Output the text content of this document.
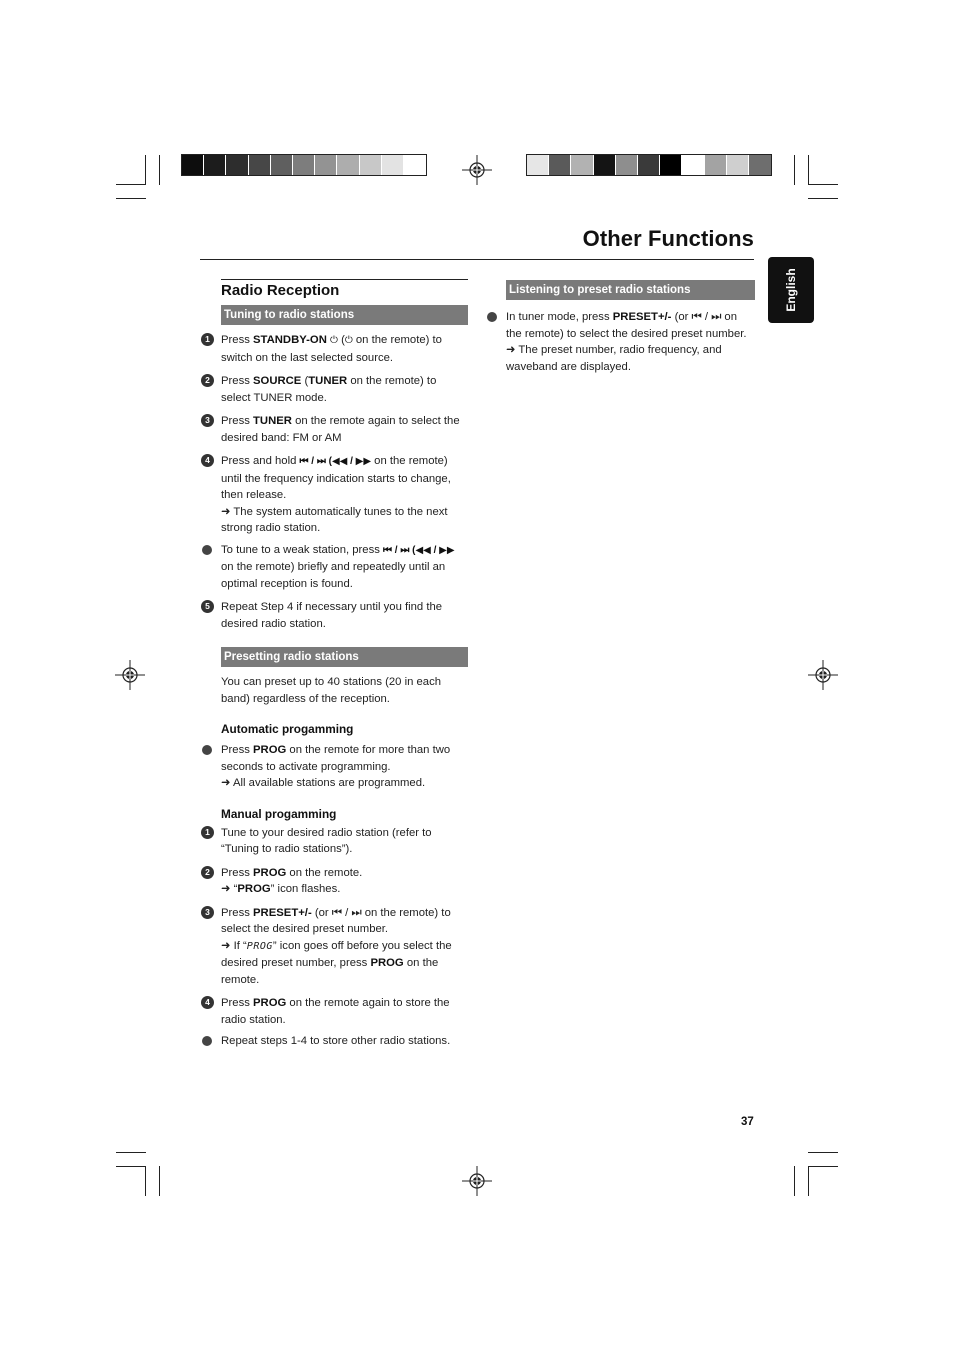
Other Functions
English
Radio Reception
Tuning to radio stations
1 Press STANDBY-ON ⏻ (⏻ on the remote) to switch on the last selected source.

2 Press SOURCE (TUNER on the remote) to select TUNER mode.

3 Press TUNER on the remote again to select the desired band: FM or AM

4 Press and hold ⏮ / ⏭ (◀◀ / ▶▶ on the remote) until the frequency indication starts to change, then release.

➜ The system automatically tunes to the next strong radio station.

To tune to a weak station, press ⏮ / ⏭ (◀◀ / ▶▶ on the remote) briefly and repeatedly until an optimal reception is found.

5 Repeat Step 4 if necessary until you find the desired radio station.

Presetting radio stations

You can preset up to 40 stations (20 in each band) regardless of the reception.

Automatic progamming

Press PROG on the remote for more than two seconds to activate programming.

➜ All available stations are programmed.

Manual progamming
1 Tune to your desired radio station (refer to “Tuning to radio stations”).

2 Press PROG on the remote.

➜ “PROG” icon flashes.

3 Press PRESET+/- (or ⏮ / ⏭ on the remote) to select the desired preset number.

➜ If “PROG” icon goes off before you select the desired preset number, press PROG on the remote.

4 Press PROG on the remote again to store the radio station.

Repeat steps 1-4 to store other radio stations.

Listening to preset radio stations

In tuner mode, press PRESET+/- (or ⏮ / ⏭ on the remote) to select the desired preset number.

➜ The preset number, radio frequency, and waveband are displayed.

37
